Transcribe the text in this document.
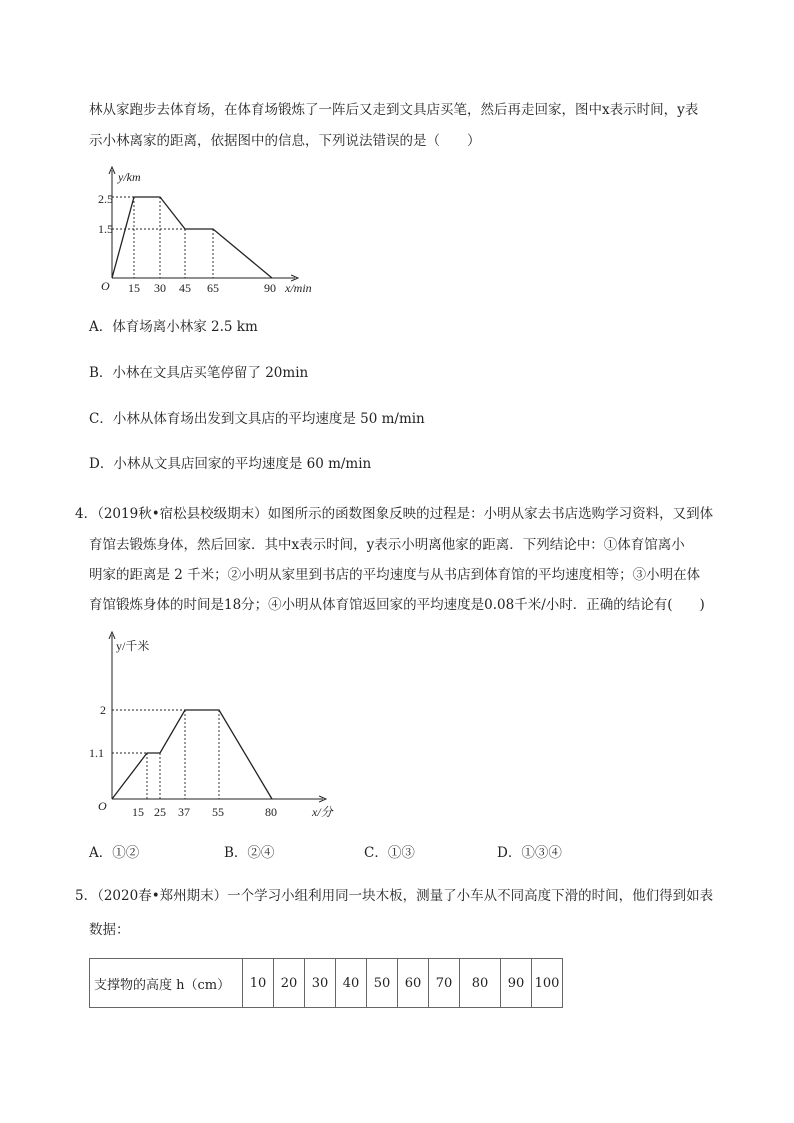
林从家跑步去体育场，在体育场锻炼了一阵后又走到文具店买笔，然后再走回家，图中x表示时间，y表
示小林离家的距离，依据图中的信息，下列说法错误的是（　　）
y/km
2.5
1.5
O 15 30 45 65	90 x/min
A．体育场离小林家 2.5 km
B．小林在文具店买笔停留了 20min
C．小林从体育场出发到文具店的平均速度是 50 m/min
D．小林从文具店回家的平均速度是 60 m/min
4．（2019秋•宿松县校级期末）如图所示的函数图象反映的过程是：小明从家去书店选购学习资料，又到体
育馆去锻炼身体，然后回家．其中x表示时间，y表示小明离他家的距离．下列结论中：①体育馆离小
明家的距离是 2 千米；②小明从家里到书店的平均速度与从书店到体育馆的平均速度相等；③小明在体
育馆锻炼身体的时间是18分；④小明从体育馆返回家的平均速度是0.08千米/小时．正确的结论有(　　)
y/千米
2
1.1
O 15 25 37 55	80	x/分
A．①②	B．②④	C．①③	D．①③④
5．（2020春•郑州期末）一个学习小组利用同一块木板，测量了小车从不同高度下滑的时间，他们得到如表
数据：
支撑物的高度 h（cm）	10	20	30	40	50	60	70	80	90	100
